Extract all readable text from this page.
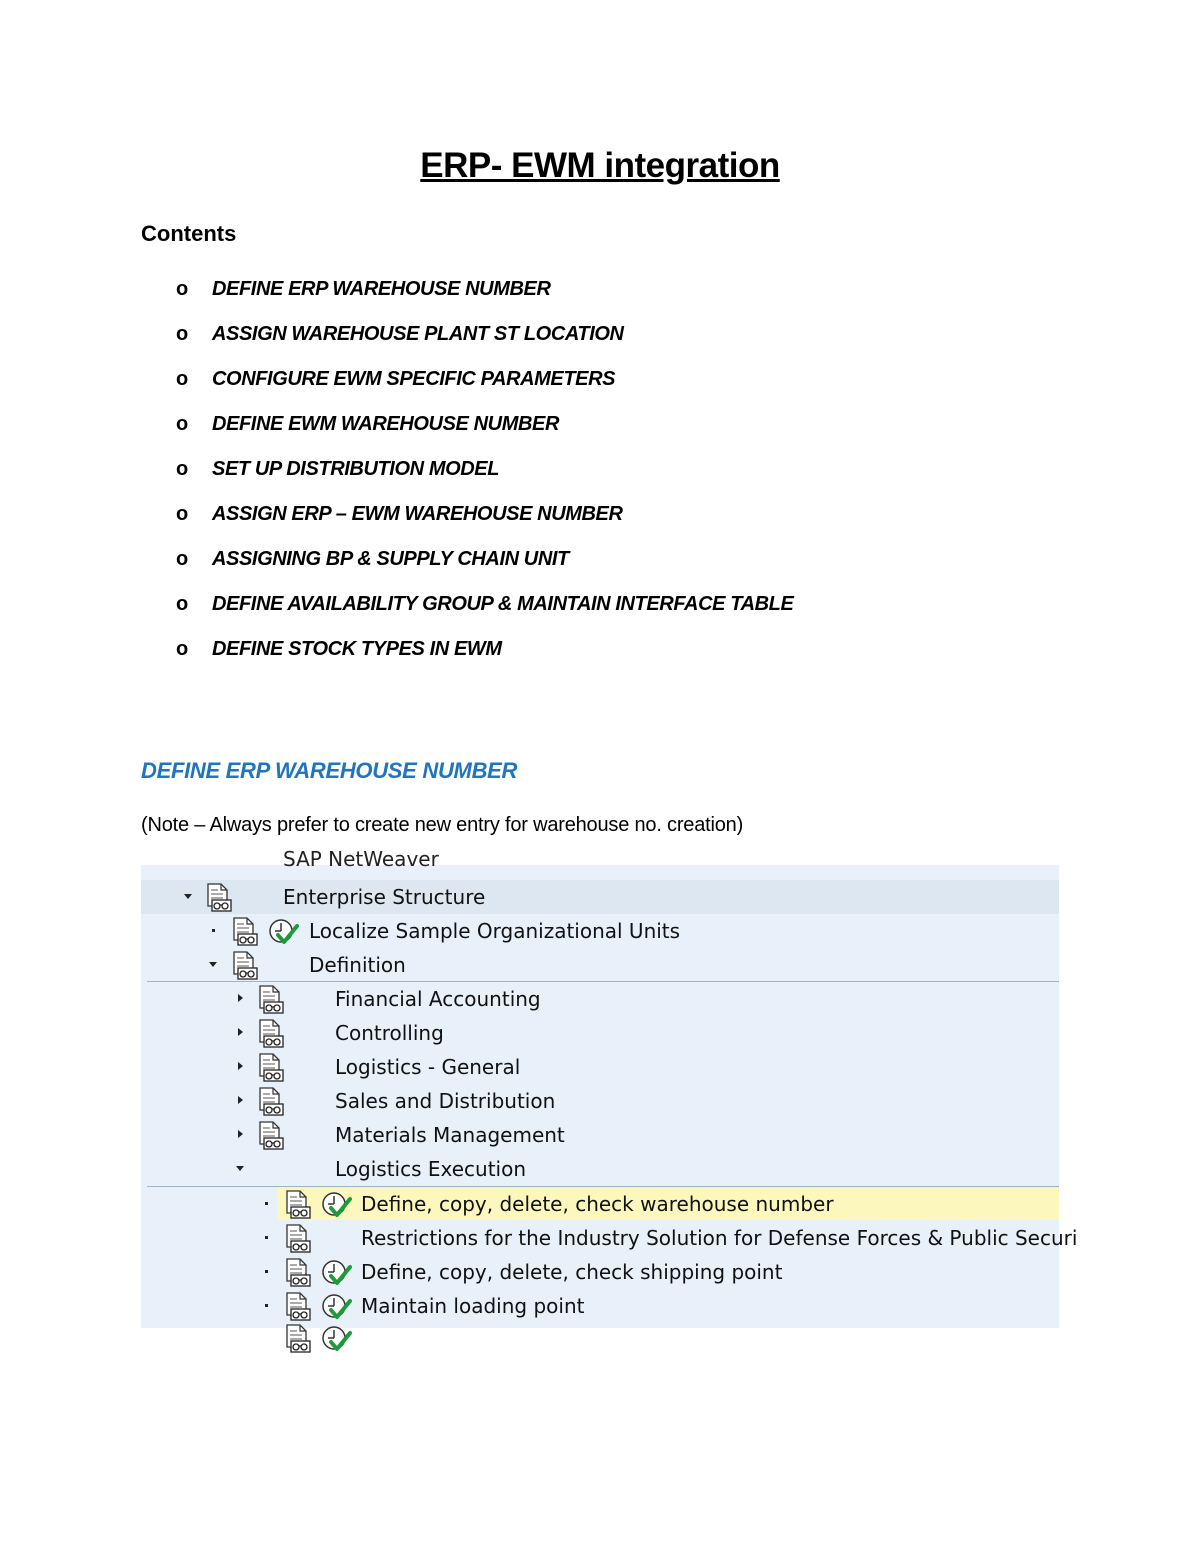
ERP- EWM integration
Contents
o	DEFINE ERP WAREHOUSE NUMBER
o	ASSIGN WAREHOUSE PLANT ST LOCATION
o	CONFIGURE EWM SPECIFIC PARAMETERS
o	DEFINE EWM WAREHOUSE NUMBER
o	SET UP DISTRIBUTION MODEL
o	ASSIGN ERP – EWM WAREHOUSE NUMBER
o	ASSIGNING BP & SUPPLY CHAIN UNIT
o	DEFINE AVAILABILITY GROUP & MAINTAIN INTERFACE TABLE
o	DEFINE STOCK TYPES IN EWM
DEFINE ERP WAREHOUSE NUMBER
(Note – Always prefer to create new entry for warehouse no. creation)
SAP NetWeaver
Enterprise Structure
Localize Sample Organizational Units
Definition
Financial Accounting
Controlling
Logistics - General
Sales and Distribution
Materials Management
Logistics Execution
Define, copy, delete, check warehouse number
Restrictions for the Industry Solution for Defense Forces & Public Securi
Define, copy, delete, check shipping point
Maintain loading point
